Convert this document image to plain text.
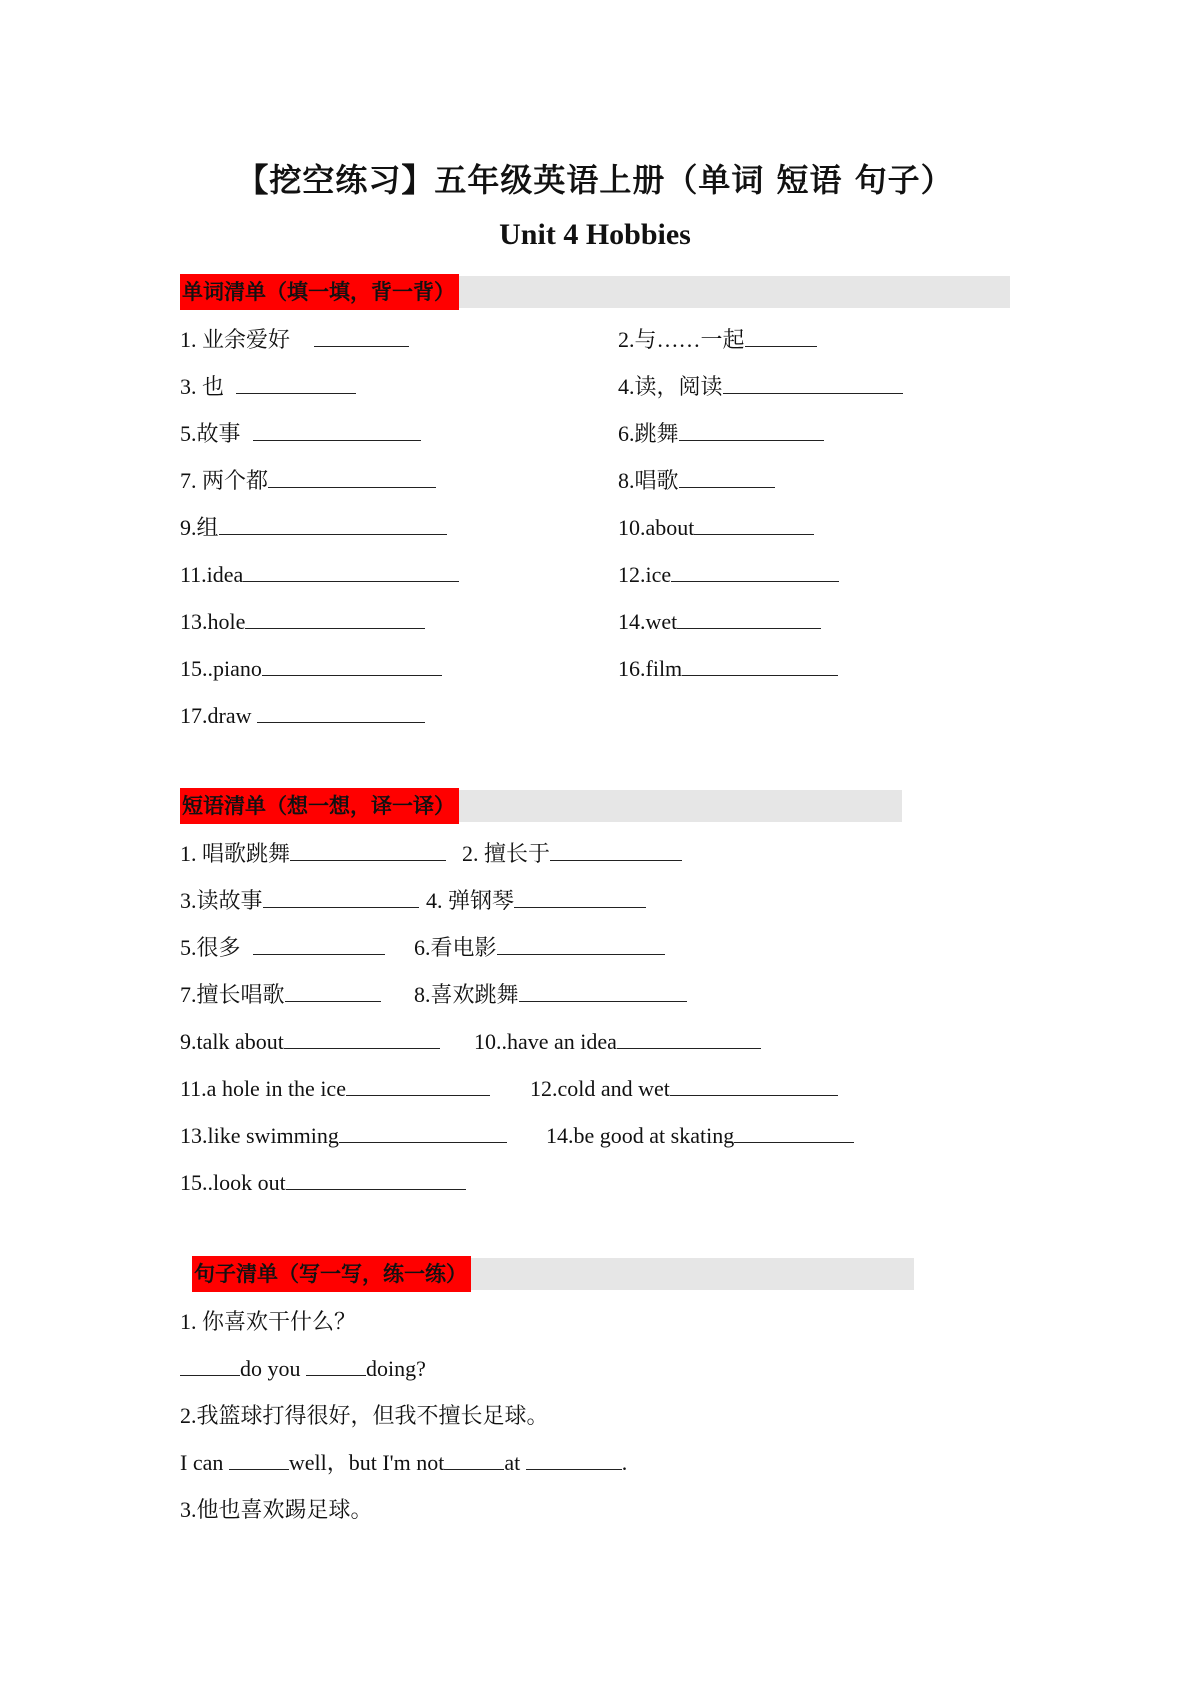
【挖空练习】五年级英语上册（单词 短语 句子）
Unit 4 Hobbies
单词清单（填一填，背一背）
1. 业余爱好	2.与……一起
3. 也	4.读，阅读
5.故事	6.跳舞
7. 两个都	8.唱歌
9.组	10.about
11.idea	12.ice
13.hole	14.wet
15..piano	16.film
17.draw
短语清单（想一想，译一译）
1. 唱歌跳舞	2. 擅长于
3.读故事	4. 弹钢琴
5.很多	6.看电影
7.擅长唱歌	8.喜欢跳舞
9.talk about	10..have an idea
11.a hole in the ice	12.cold and wet
13.like swimming	14.be good at skating
15..look out
句子清单（写一写，练一练）
1. 你喜欢干什么？
do you	doing?
2.我篮球打得很好，但我不擅长足球。
I can	well，but I'm not	at	.
3.他也喜欢踢足球。
